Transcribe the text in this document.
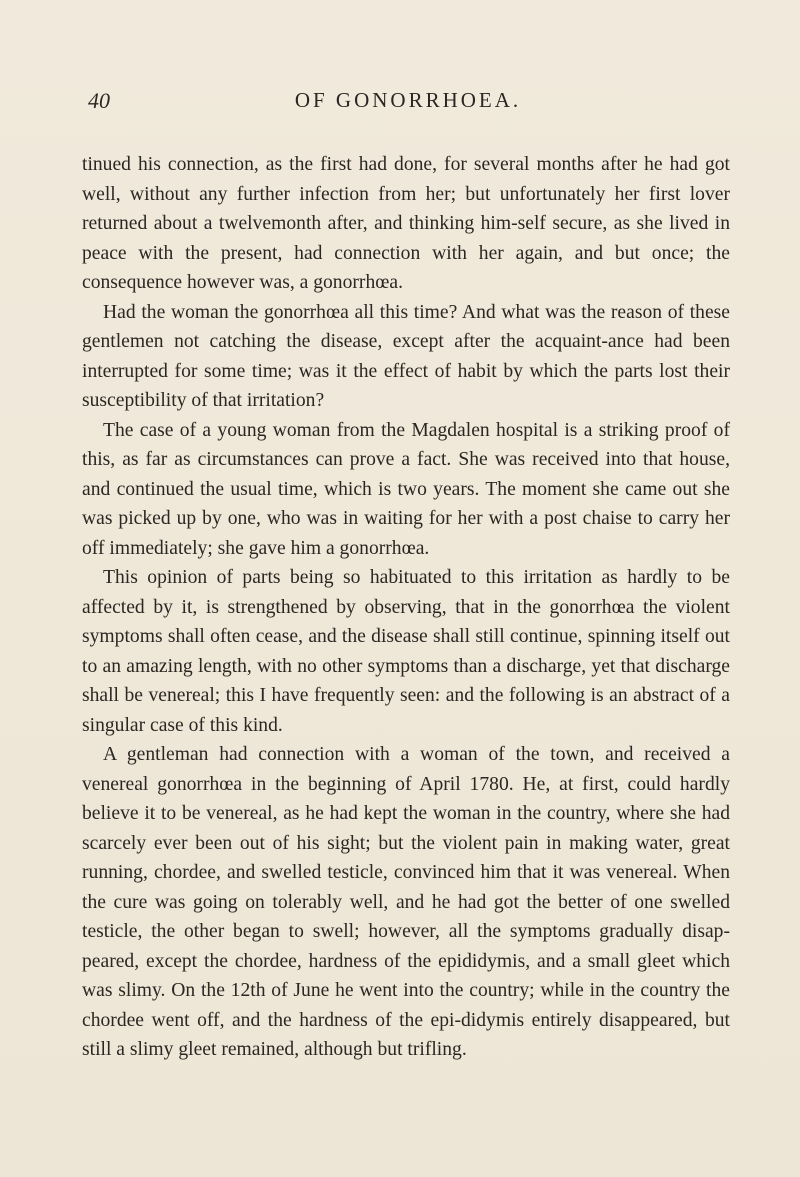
40	OF GONORRHOEA.

tinued his connection, as the first had done, for several months after he had got well, without any further infection from her; but unfortunately her first lover returned about a twelvemonth after, and thinking him-self secure, as she lived in peace with the present, had connection with her again, and but once; the consequence however was, a gonorrhœa.

Had the woman the gonorrhœa all this time? And what was the reason of these gentlemen not catching the disease, except after the acquaint-ance had been interrupted for some time; was it the effect of habit by which the parts lost their susceptibility of that irritation?

The case of a young woman from the Magdalen hospital is a striking proof of this, as far as circumstances can prove a fact. She was received into that house, and continued the usual time, which is two years. The moment she came out she was picked up by one, who was in waiting for her with a post chaise to carry her off immediately; she gave him a gonorrhœa.

This opinion of parts being so habituated to this irritation as hardly to be affected by it, is strengthened by observing, that in the gonorrhœa the violent symptoms shall often cease, and the disease shall still continue, spinning itself out to an amazing length, with no other symptoms than a discharge, yet that discharge shall be venereal; this I have frequently seen: and the following is an abstract of a singular case of this kind.

A gentleman had connection with a woman of the town, and received a venereal gonorrhœa in the beginning of April 1780. He, at first, could hardly believe it to be venereal, as he had kept the woman in the country, where she had scarcely ever been out of his sight; but the violent pain in making water, great running, chordee, and swelled testicle, convinced him that it was venereal. When the cure was going on tolerably well, and he had got the better of one swelled testicle, the other began to swell; however, all the symptoms gradually disap-peared, except the chordee, hardness of the epididymis, and a small gleet which was slimy. On the 12th of June he went into the country; while in the country the chordee went off, and the hardness of the epi-didymis entirely disappeared, but still a slimy gleet remained, although but trifling.
